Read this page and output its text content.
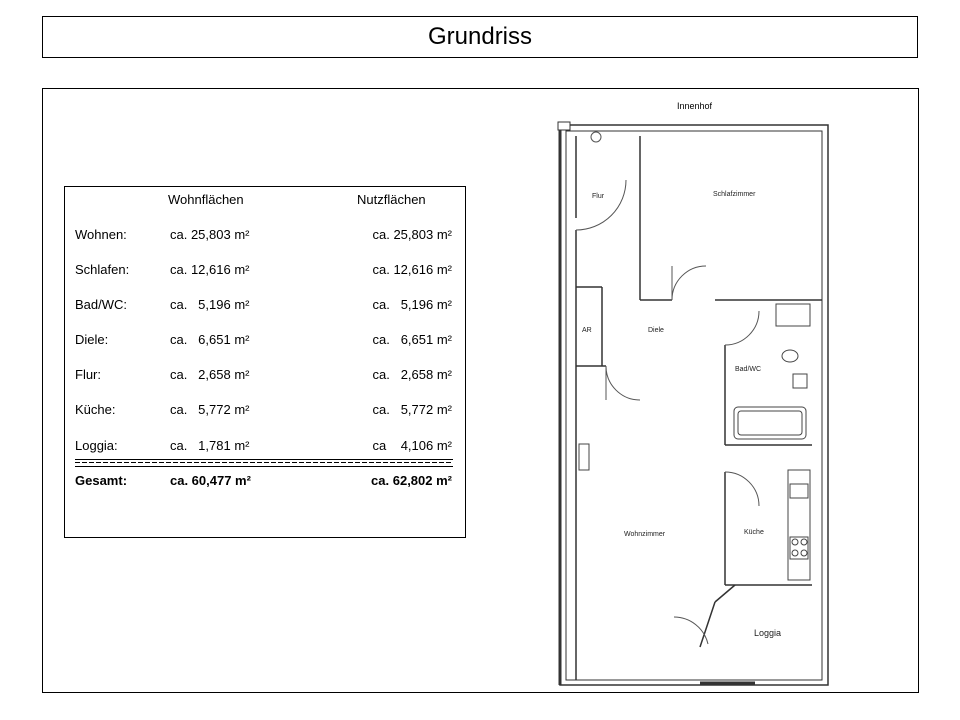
Grundriss
Wohnflächen	Nutzflächen
Wohnen:	ca. 25,803 m²	ca. 25,803 m²
Schlafen:	ca. 12,616 m²	ca. 12,616 m²
Bad/WC:	ca.   5,196 m²	ca.   5,196 m²
Diele:	ca.   6,651 m²	ca.   6,651 m²
Flur:	ca.   2,658 m²	ca.   2,658 m²
Küche:	ca.   5,772 m²	ca.   5,772 m²
Loggia:	ca.   1,781 m²	ca    4,106 m²
Gesamt:	ca. 60,477 m²	ca. 62,802 m²
Innenhof
Flur	Schlafzimmer
AR	Diele
Bad/WC
Wohnzimmer	Küche
Loggia
